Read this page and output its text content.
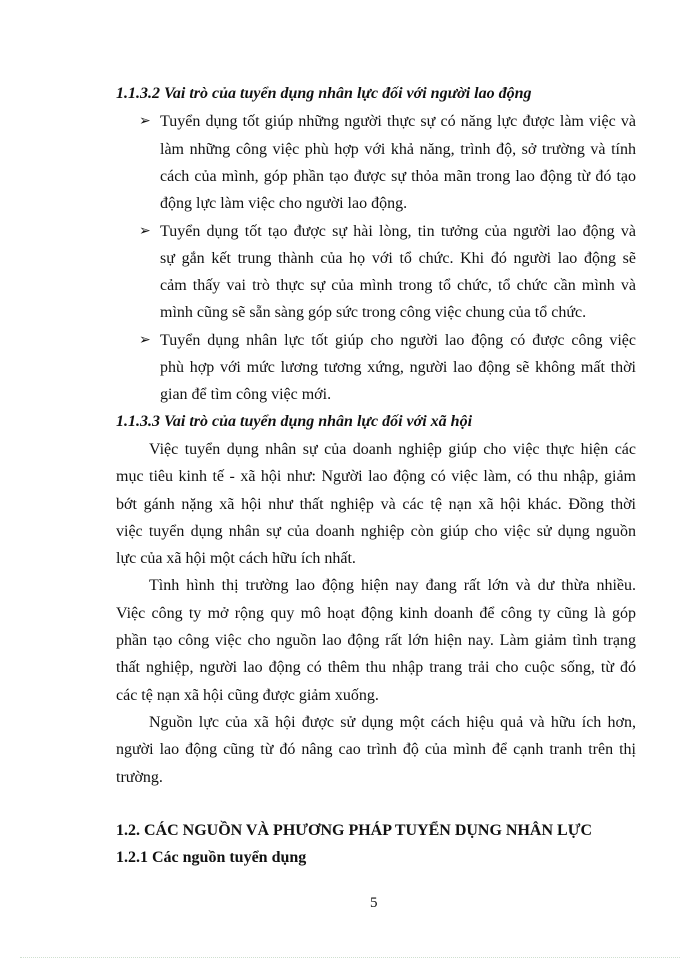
1.1.3.2 Vai trò của tuyển dụng nhân lực đối với người lao động
➢ Tuyển dụng tốt giúp những người thực sự có năng lực được làm việc và
làm những công việc phù hợp với khả năng, trình độ, sở trường và tính
cách của mình, góp phần tạo được sự thỏa mãn trong lao động từ đó tạo
động lực làm việc cho người lao động.
➢ Tuyển dụng tốt tạo được sự hài lòng, tin tưởng của người lao động và
sự gắn kết trung thành của họ với tổ chức. Khi đó người lao động sẽ
cảm thấy vai trò thực sự của mình trong tổ chức, tổ chức cần mình và
mình cũng sẽ sẵn sàng góp sức trong công việc chung của tổ chức.
➢ Tuyển dụng nhân lực tốt giúp cho người lao động có được công việc
phù hợp với mức lương tương xứng, người lao động sẽ không mất thời
gian để tìm công việc mới.
1.1.3.3 Vai trò của tuyển dụng nhân lực đối với xã hội
Việc tuyển dụng nhân sự của doanh nghiệp giúp cho việc thực hiện các
mục tiêu kinh tế - xã hội như: Người lao động có việc làm, có thu nhập, giảm
bớt gánh nặng xã hội như thất nghiệp và các tệ nạn xã hội khác. Đồng thời
việc tuyển dụng nhân sự của doanh nghiệp còn giúp cho việc sử dụng nguồn
lực của xã hội một cách hữu ích nhất.
Tình hình thị trường lao động hiện nay đang rất lớn và dư thừa nhiều.
Việc công ty mở rộng quy mô hoạt động kinh doanh để công ty cũng là góp
phần tạo công việc cho nguồn lao động rất lớn hiện nay. Làm giảm tình trạng
thất nghiệp, người lao động có thêm thu nhập trang trải cho cuộc sống, từ đó
các tệ nạn xã hội cũng được giảm xuống.
Nguồn lực của xã hội được sử dụng một cách hiệu quả và hữu ích hơn,
người lao động cũng từ đó nâng cao trình độ của mình để cạnh tranh trên thị
trường.
1.2. CÁC NGUỒN VÀ PHƯƠNG PHÁP TUYỂN DỤNG NHÂN LỰC
1.2.1 Các nguồn tuyển dụng
5
